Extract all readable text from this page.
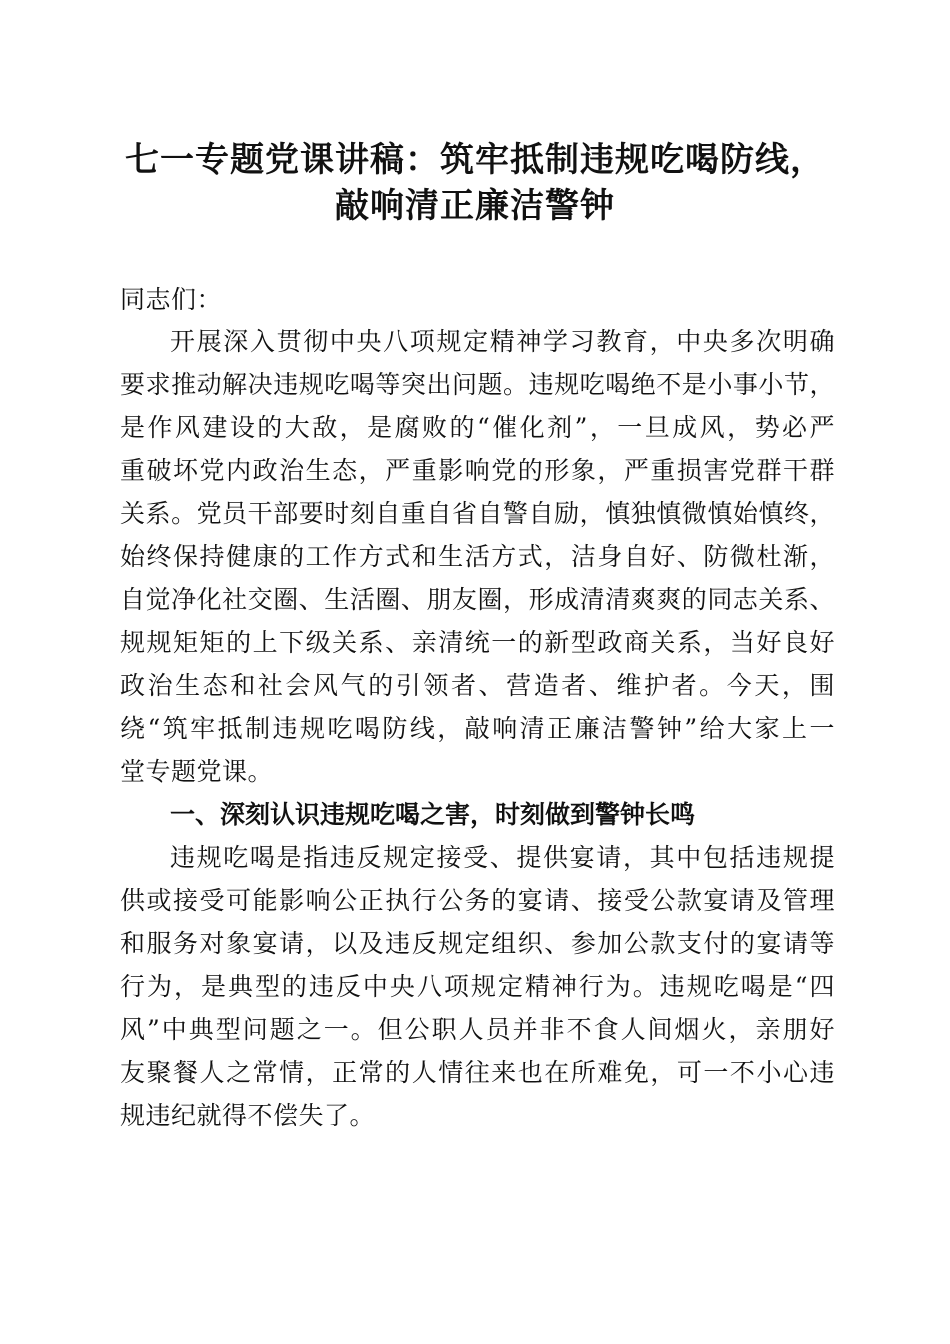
七一专题党课讲稿：筑牢抵制违规吃喝防线，
敲响清正廉洁警钟
同志们：
开展深入贯彻中央八项规定精神学习教育，中央多次明确
要求推动解决违规吃喝等突出问题。违规吃喝绝不是小事小节，
是作风建设的大敌，是腐败的“催化剂”，一旦成风，势必严
重破坏党内政治生态，严重影响党的形象，严重损害党群干群
关系。党员干部要时刻自重自省自警自励，慎独慎微慎始慎终，
始终保持健康的工作方式和生活方式，洁身自好、防微杜渐，
自觉净化社交圈、生活圈、朋友圈，形成清清爽爽的同志关系、
规规矩矩的上下级关系、亲清统一的新型政商关系，当好良好
政治生态和社会风气的引领者、营造者、维护者。今天，围
绕“筑牢抵制违规吃喝防线，敲响清正廉洁警钟”给大家上一
堂专题党课。
一、深刻认识违规吃喝之害，时刻做到警钟长鸣
违规吃喝是指违反规定接受、提供宴请，其中包括违规提
供或接受可能影响公正执行公务的宴请、接受公款宴请及管理
和服务对象宴请，以及违反规定组织、参加公款支付的宴请等
行为，是典型的违反中央八项规定精神行为。违规吃喝是“四
风”中典型问题之一。但公职人员并非不食人间烟火，亲朋好
友聚餐人之常情，正常的人情往来也在所难免，可一不小心违
规违纪就得不偿失了。
